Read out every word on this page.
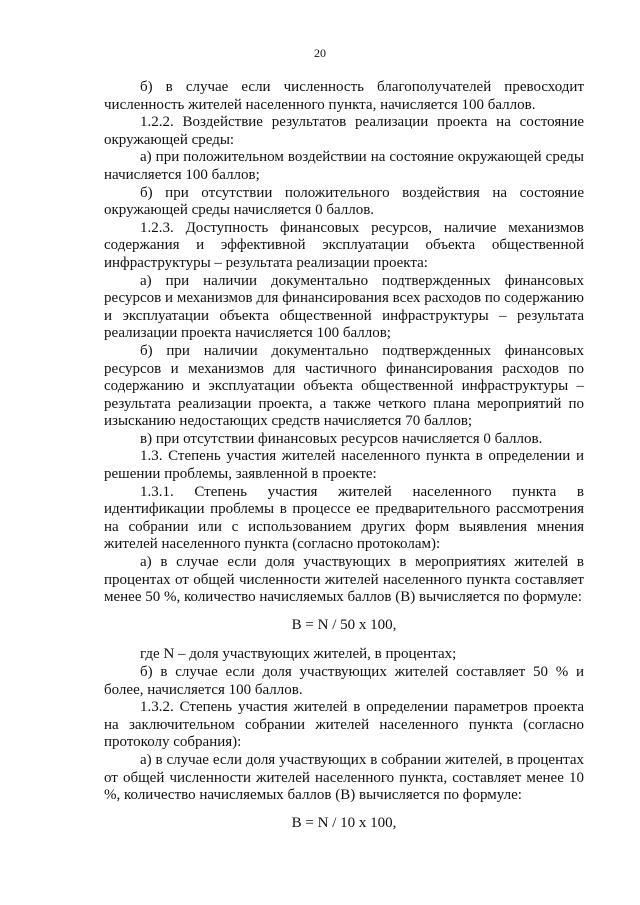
20

б) в случае если численность благополучателей превосходит численность жителей населенного пункта, начисляется 100 баллов.

1.2.2. Воздействие результатов реализации проекта на состояние окружающей среды:

а) при положительном воздействии на состояние окружающей среды начисляется 100 баллов;

б) при отсутствии положительного воздействия на состояние окружающей среды начисляется 0 баллов.

1.2.3. Доступность финансовых ресурсов, наличие механизмов содержания и эффективной эксплуатации объекта общественной инфраструктуры – результата реализации проекта:

а) при наличии документально подтвержденных финансовых ресурсов и механизмов для финансирования всех расходов по содержанию и эксплуатации объекта общественной инфраструктуры – результата реализации проекта начисляется 100 баллов;

б) при наличии документально подтвержденных финансовых ресурсов и механизмов для частичного финансирования расходов по содержанию и эксплуатации объекта общественной инфраструктуры – результата реализации проекта, а также четкого плана мероприятий по изысканию недостающих средств начисляется 70 баллов;

в) при отсутствии финансовых ресурсов начисляется 0 баллов.

1.3. Степень участия жителей населенного пункта в определении и решении проблемы, заявленной в проекте:

1.3.1. Степень участия жителей населенного пункта в идентификации проблемы в процессе ее предварительного рассмотрения на собрании или с использованием других форм выявления мнения жителей населенного пункта (согласно протоколам):

а) в случае если доля участвующих в мероприятиях жителей в процентах от общей численности жителей населенного пункта составляет менее 50 %, количество начисляемых баллов (B) вычисляется по формуле:

B = N / 50 x 100,

где N – доля участвующих жителей, в процентах;

б) в случае если доля участвующих жителей составляет 50 % и более, начисляется 100 баллов.

1.3.2. Степень участия жителей в определении параметров проекта на заключительном собрании жителей населенного пункта (согласно протоколу собрания):

а) в случае если доля участвующих в собрании жителей, в процентах от общей численности жителей населенного пункта, составляет менее 10 %, количество начисляемых баллов (B) вычисляется по формуле:

B = N / 10 x 100,
